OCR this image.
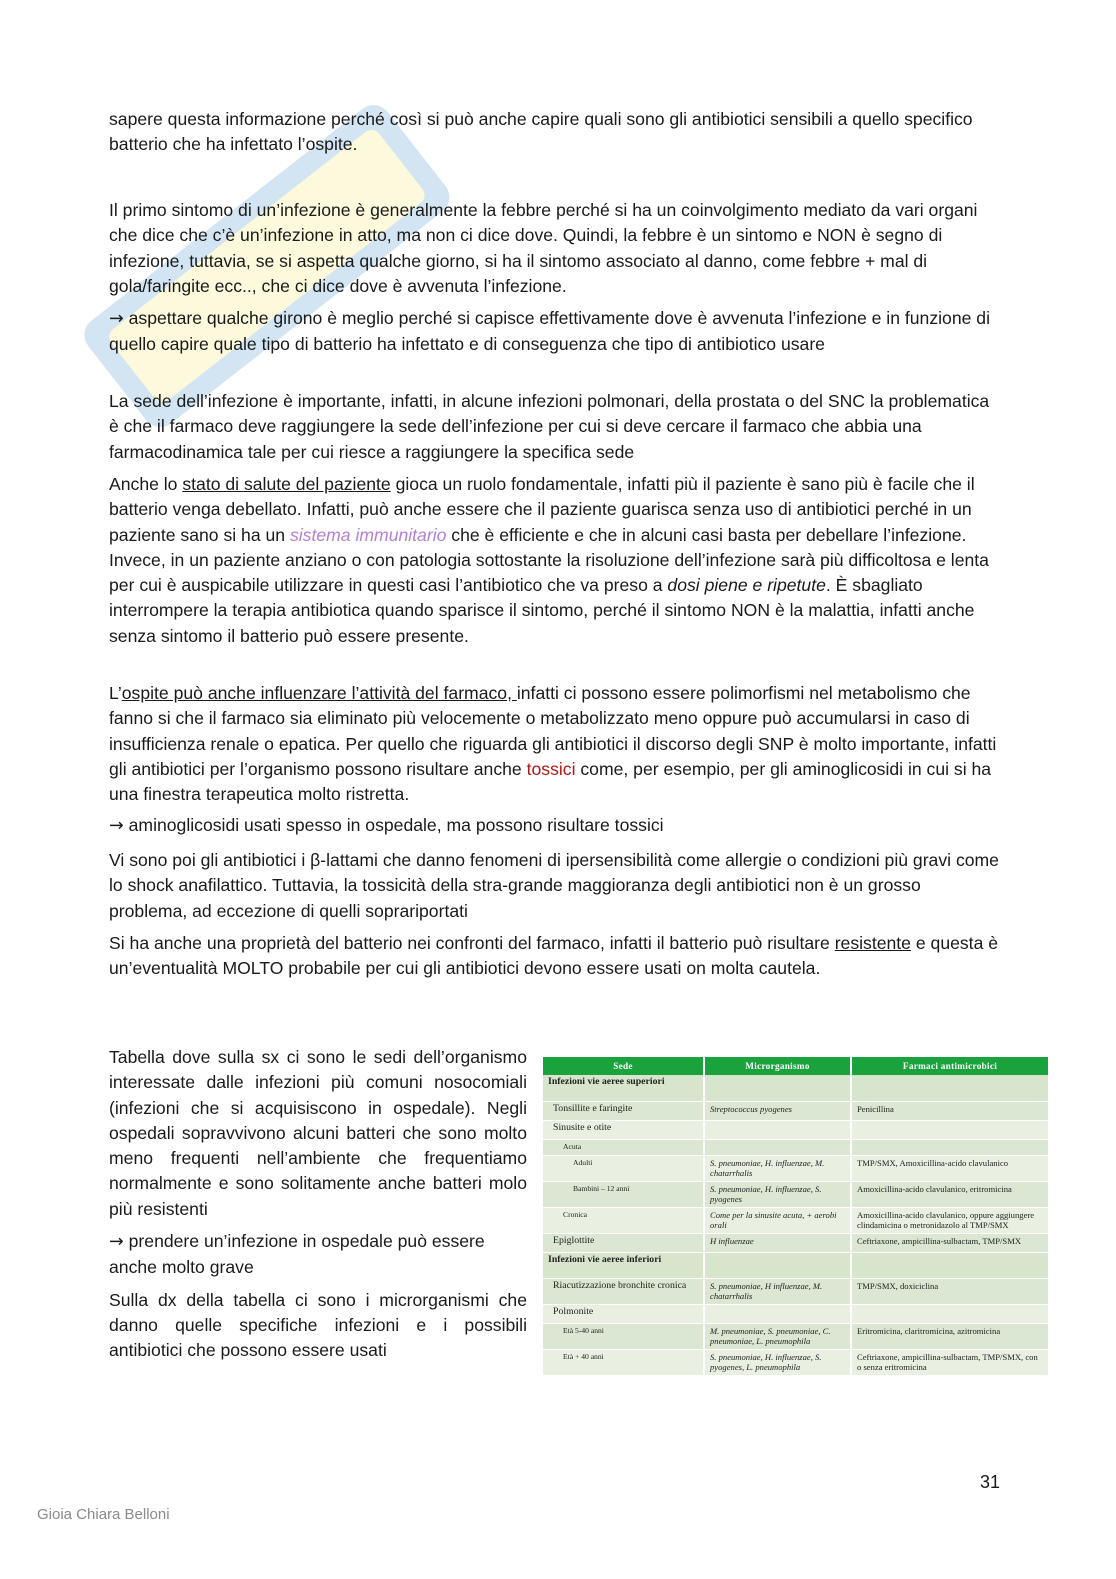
sapere questa informazione perché così si può anche capire quali sono gli antibiotici sensibili a quello specifico batterio che ha infettato l’ospite.

Il primo sintomo di un’infezione è generalmente la febbre perché si ha un coinvolgimento mediato da vari organi che dice che c’è un’infezione in atto, ma non ci dice dove. Quindi, la febbre è un sintomo e NON è segno di infezione, tuttavia, se si aspetta qualche giorno, si ha il sintomo associato al danno, come febbre + mal di gola/faringite ecc.., che ci dice dove è avvenuta l’infezione.

→ aspettare qualche girono è meglio perché si capisce effettivamente dove è avvenuta l’infezione e in funzione di quello capire quale tipo di batterio ha infettato e di conseguenza che tipo di antibiotico usare

La sede dell’infezione è importante, infatti, in alcune infezioni polmonari, della prostata o del SNC la problematica è che il farmaco deve raggiungere la sede dell’infezione per cui si deve cercare il farmaco che abbia una farmacodinamica tale per cui riesce a raggiungere la specifica sede

Anche lo stato di salute del paziente gioca un ruolo fondamentale, infatti più il paziente è sano più è facile che il batterio venga debellato. Infatti, può anche essere che il paziente guarisca senza uso di antibiotici perché in un paziente sano si ha un sistema immunitario che è efficiente e che in alcuni casi basta per debellare l’infezione. Invece, in un paziente anziano o con patologia sottostante la risoluzione dell’infezione sarà più difficoltosa e lenta per cui è auspicabile utilizzare in questi casi l’antibiotico che va preso a dosi piene e ripetute. È sbagliato interrompere la terapia antibiotica quando sparisce il sintomo, perché il sintomo NON è la malattia, infatti anche senza sintomo il batterio può essere presente.

L’ospite può anche influenzare l’attività del farmaco, infatti ci possono essere polimorfismi nel metabolismo che fanno si che il farmaco sia eliminato più velocemente o metabolizzato meno oppure può accumularsi in caso di insufficienza renale o epatica. Per quello che riguarda gli antibiotici il discorso degli SNP è molto importante, infatti gli antibiotici per l’organismo possono risultare anche tossici come, per esempio, per gli aminoglicosidi in cui si ha una finestra terapeutica molto ristretta.

→ aminoglicosidi usati spesso in ospedale, ma possono risultare tossici

Vi sono poi gli antibiotici i β-lattami che danno fenomeni di ipersensibilità come allergie o condizioni più gravi come lo shock anafilattico. Tuttavia, la tossicità della stra-grande maggioranza degli antibiotici non è un grosso problema, ad eccezione di quelli soprariportati

Si ha anche una proprietà del batterio nei confronti del farmaco, infatti il batterio può risultare resistente e questa è un’eventualità MOLTO probabile per cui gli antibiotici devono essere usati on molta cautela.

Tabella dove sulla sx ci sono le sedi dell’organismo interessate dalle infezioni più comuni nosocomiali (infezioni che si acquisiscono in ospedale). Negli ospedali sopravvivono alcuni batteri che sono molto meno frequenti nell’ambiente che frequentiamo normalmente e sono solitamente anche batteri molo più resistenti

→ prendere un’infezione in ospedale può essere anche molto grave

Sulla dx della tabella ci sono i microrganismi che danno quelle specifiche infezioni e i possibili antibiotici che possono essere usati

Sede	Microrganismo	Farmaci antimicrobici
Infezioni vie aeree superiori		
Tonsillite e faringite	Streptococcus pyogenes	Penicillina
Sinusite e otite		
Acuta		
Adulti	S. pneumoniae, H. influenzae, M. chatarrhalis	TMP/SMX, Amoxicillina-acido clavulanico
Bambini – 12 anni	S. pneumoniae, H. influenzae, S. pyogenes	Amoxicillina-acido clavulanico, eritromicina
Cronica	Come per la sinusite acuta, + aerobi orali	Amoxicillina-acido clavulanico, oppure aggiungere clindamicina o metronidazolo al TMP/SMX
Epiglottite	H influenzae	Ceftriaxone, ampicillina-sulbactam, TMP/SMX
Infezioni vie aeree inferiori		
Riacutizzazione bronchite cronica	S. pneumoniae, H influenzae, M. chatarrhalis	TMP/SMX, doxiciclina
Polmonite		
Età 5-40 anni	M. pneumoniae, S. pneumoniae, C. pneumoniae, L. pneumophila	Eritromicina, claritromicina, azitromicina
Età + 40 anni	S. pneumoniae, H. influenzae, S. pyogenes, L. pneumophila	Ceftriaxone, ampicillina-sulbactam, TMP/SMX, con o senza eritromicina
31
Gioia Chiara Belloni
